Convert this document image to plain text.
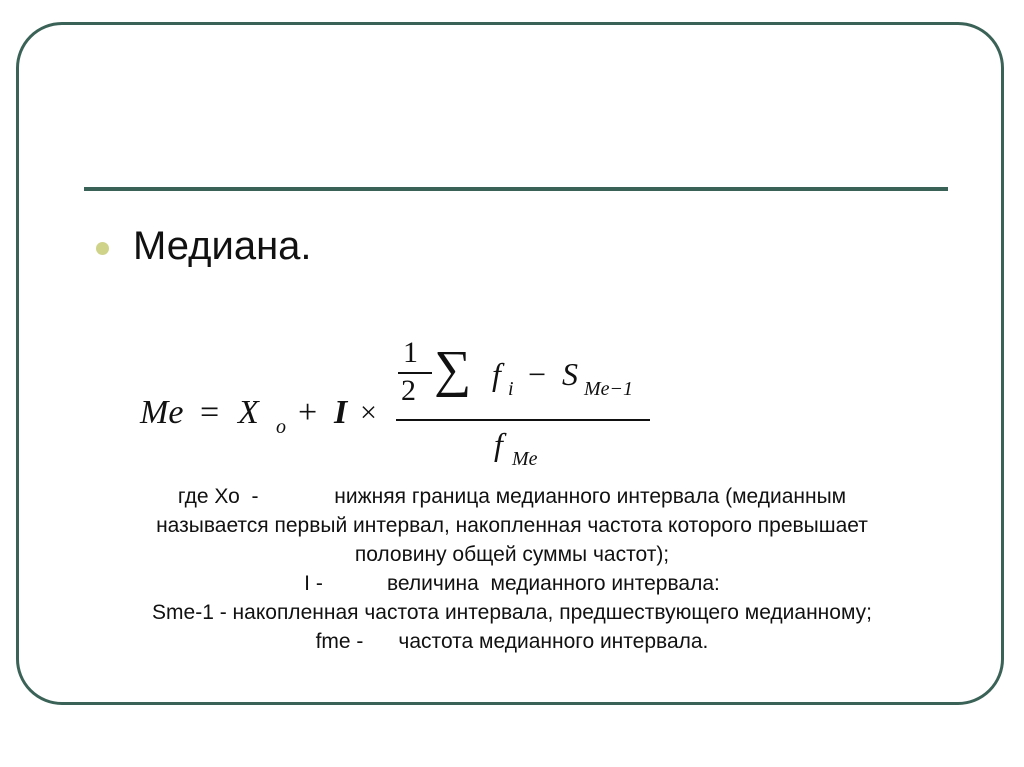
Медиана.
Me = X o + I ×
1
2 ∑ f i − S Me−1
f Me
где Хо  -             нижняя граница медианного интервала (медианным
называется первый интервал, накопленная частота которого превышает
половину общей суммы частот);
I -           величина  медианного интервала:
Sme-1 - накопленная частота интервала, предшествующего медианному;
fme -      частота медианного интервала.
